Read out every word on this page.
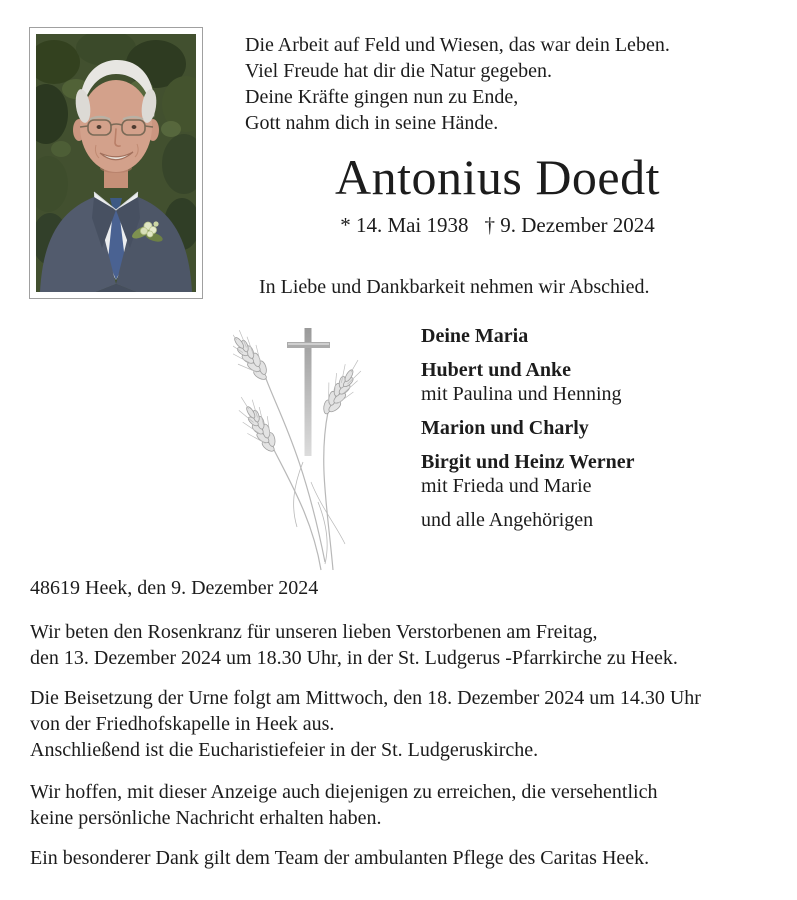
Die Arbeit auf Feld und Wiesen, das war dein Leben.
Viel Freude hat dir die Natur gegeben.
Deine Kräfte gingen nun zu Ende,
Gott nahm dich in seine Hände.
Antonius Doedt
* 14. Mai 1938 † 9. Dezember 2024
In Liebe und Dankbarkeit nehmen wir Abschied.
Deine Maria
Hubert und Anke
mit Paulina und Henning
Marion und Charly
Birgit und Heinz Werner
mit Frieda und Marie
und alle Angehörigen
48619 Heek, den 9. Dezember 2024
Wir beten den Rosenkranz für unseren lieben Verstorbenen am Freitag,
den 13. Dezember 2024 um 18.30 Uhr, in der St. Ludgerus -Pfarrkirche zu Heek.
Die Beisetzung der Urne folgt am Mittwoch, den 18. Dezember 2024 um 14.30 Uhr
von der Friedhofskapelle in Heek aus.
Anschließend ist die Eucharistiefeier in der St. Ludgeruskirche.
Wir hoffen, mit dieser Anzeige auch diejenigen zu erreichen, die versehentlich
keine persönliche Nachricht erhalten haben.
Ein besonderer Dank gilt dem Team der ambulanten Pflege des Caritas Heek.
